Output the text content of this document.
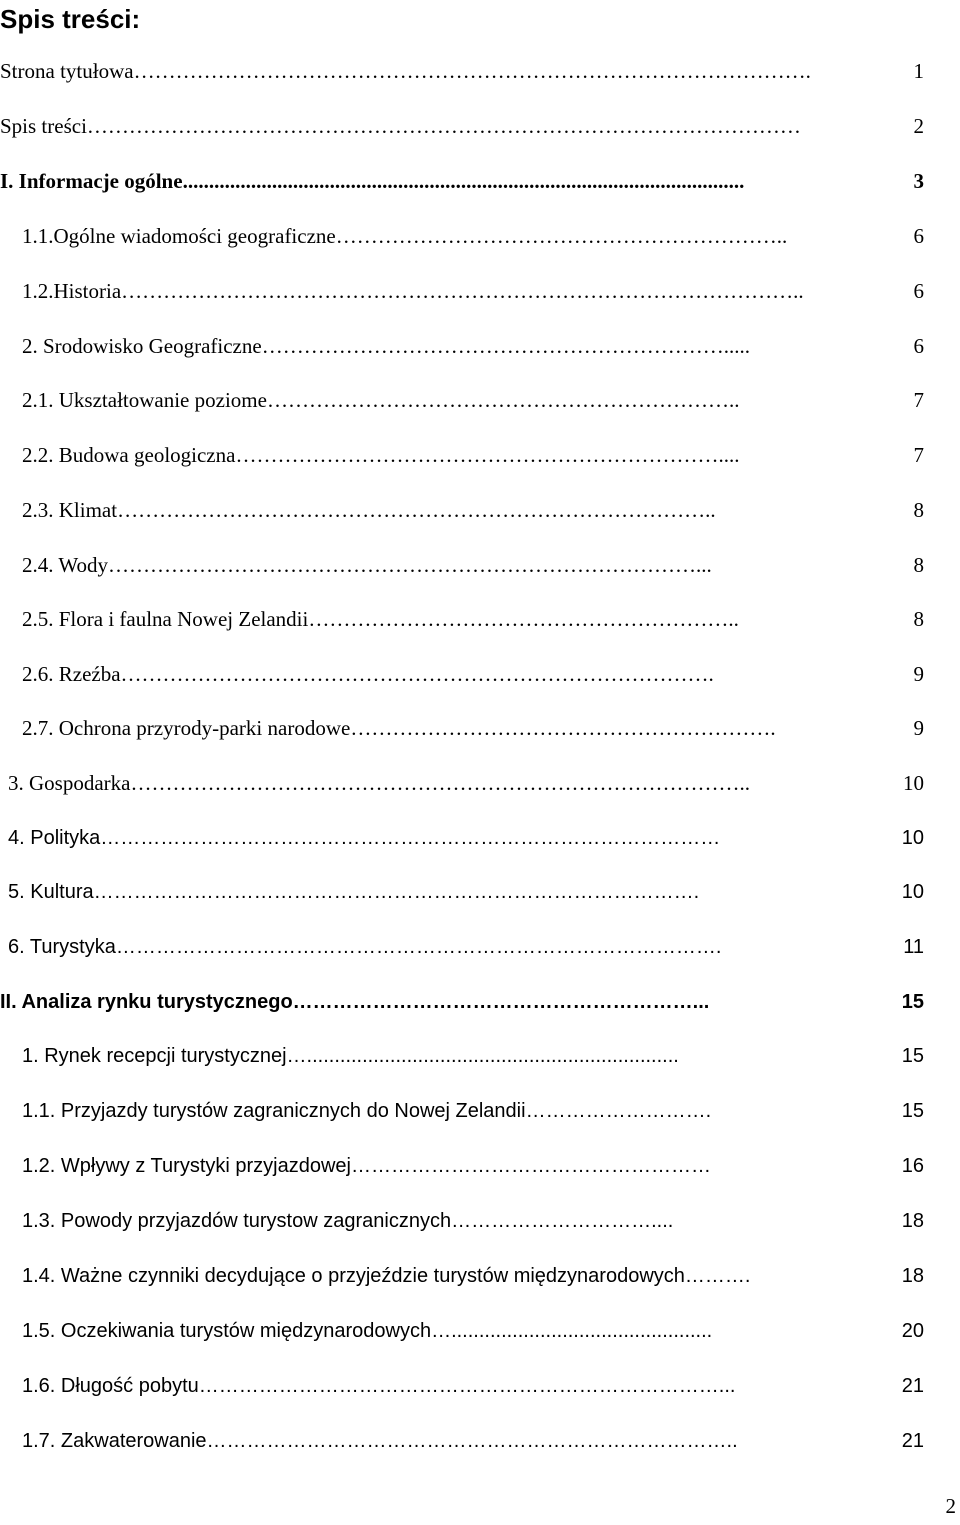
Spis treści:
Strona tytułowa …………………………………………………………………………………….	1
Spis treści …………………………………………………………………………………………	2
I. Informacje ogólne ...........................................................................................................	3
1.1.Ogólne wiadomości geograficzne ………………………………………………………..	6
1.2.Historia ……………………………………………………………………………………..	6
2. Srodowisko Geograficzne ………………………………………………………….....	6
2.1. Ukształtowanie poziome …………………………………………………………..	7
2.2. Budowa geologiczna ……………………………………………………………....	7
2.3. Klimat …………………………………………………………………………..	8
2.4. Wody …………………………………………………………………………...	8
2.5. Flora i faulna Nowej Zelandii ……………………………………………………..	8
2.6. Rzeźba ………………………………………………………………………….	9
2.7. Ochrona przyrody-parki narodowe …………………………………………………….	9
3. Gospodarka ……………………………………………………………………………..	10
4. Polityka …………………………………………………………………………………	10
5. Kultura ……………………………………………………………………………….	10
6. Turystyka ……………………………………………………………………………….	11
II. Analiza rynku turystycznego ……………………………………………………...	15
1. Rynek recepcji turystycznej …...................................................................	15
1.1. Przyjazdy turystów zagranicznych do Nowej Zelandii ……………………….	15
1.2. Wpływy z Turystyki przyjazdowej ………………………………………………	16
1.3. Powody przyjazdów turystow zagranicznych …………………………....	18
1.4. Ważne czynniki decydujące o przyjeździe turystów międzynarodowych ……….	18
1.5. Oczekiwania turystów międzynarodowych …...............................................	20
1.6. Długość pobytu ……………………………………………………………………...	21
1.7. Zakwaterowanie ……………………………………………………………………..	21
2
